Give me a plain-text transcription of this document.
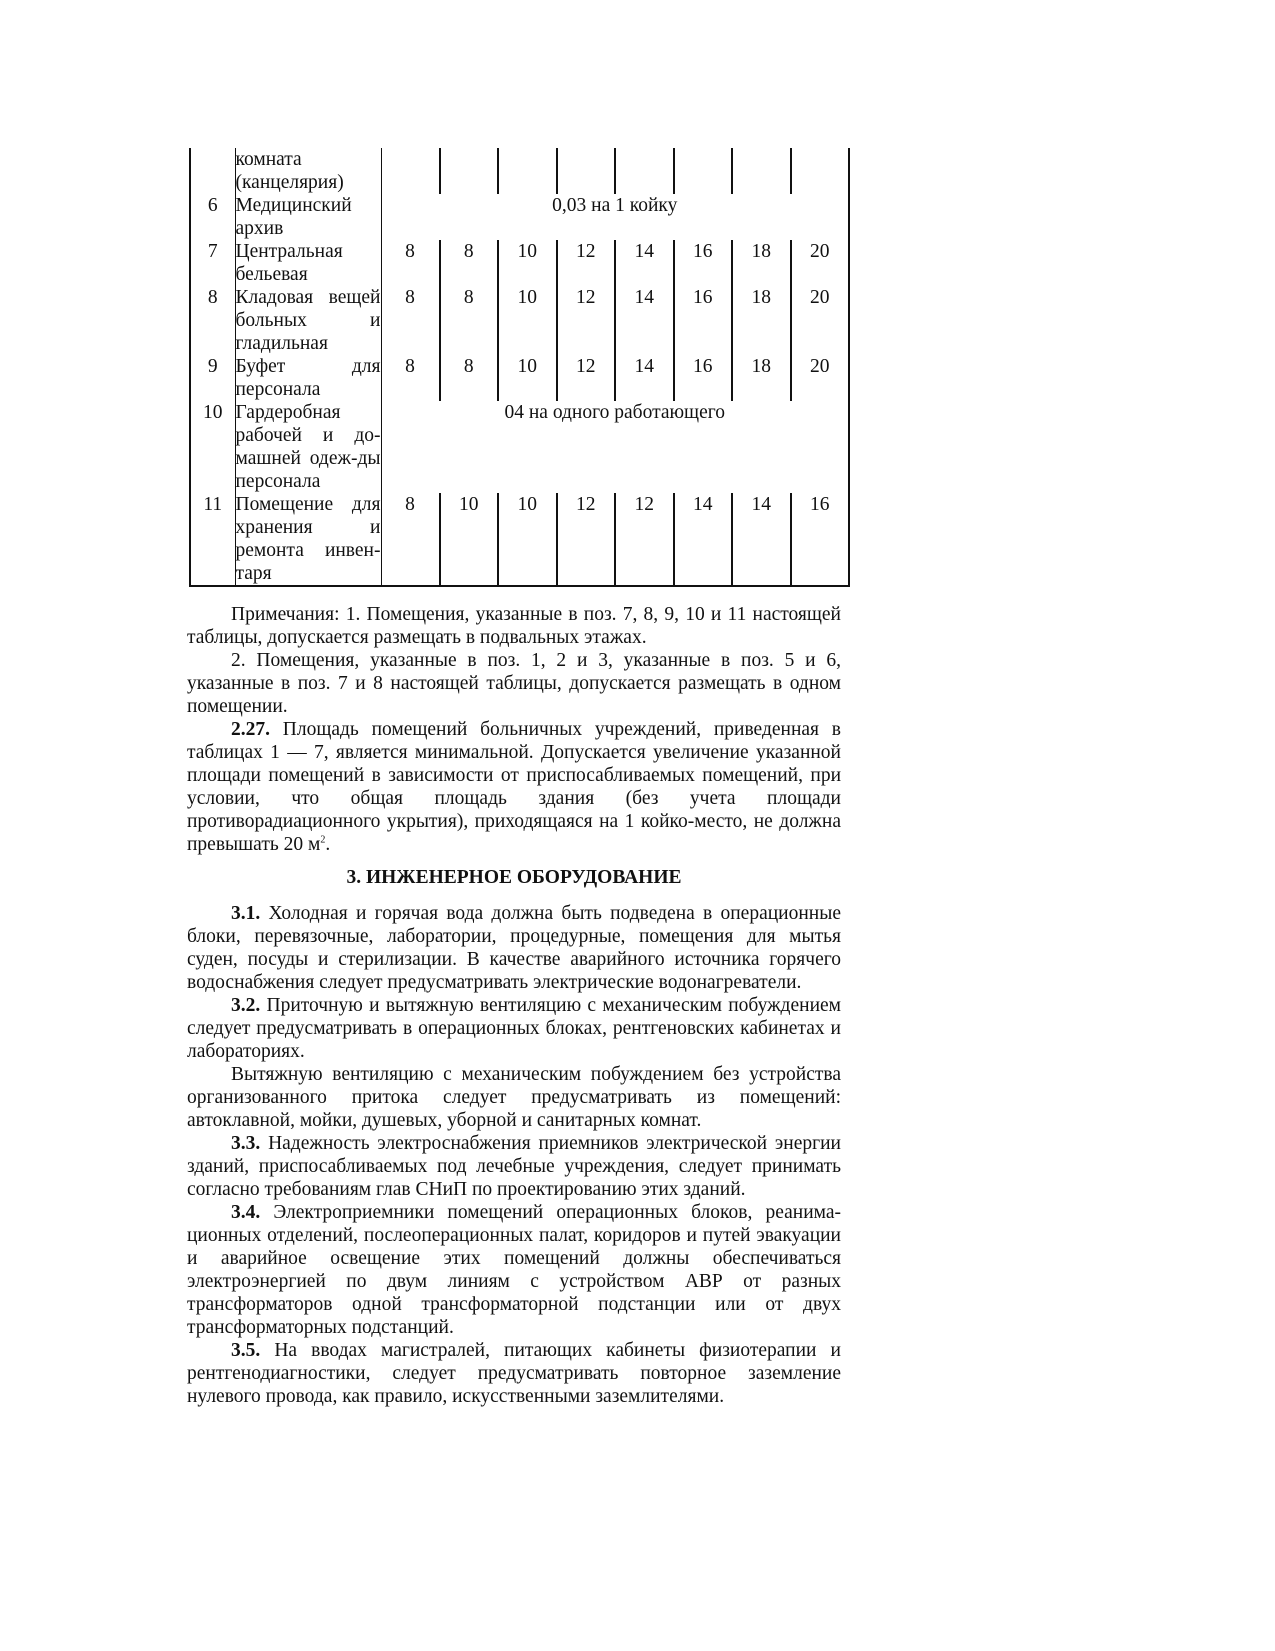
	комната (канцелярия)								
6	Медицинский архив	0,03 на 1 койку							
7	Центральная бельевая	8	8	10	12	14	16	18	20
8	Кладовая вещей больных и гладильная	8	8	10	12	14	16	18	20
9	Буфет для персонала	8	8	10	12	14	16	18	20
10	Гардеробная рабочей и до-машней одеж-ды персонала	04 на одного работающего							
11	Помещение для хранения и ремонта инвен-таря	8	10	10	12	12	14	14	16

Примечания: 1. Помещения, указанные в поз. 7, 8, 9, 10 и 11 настоящей таблицы, допускается размещать в подвальных этажах.

2. Помещения, указанные в поз. 1, 2 и 3, указанные в поз. 5 и 6, указанные в поз. 7 и 8 настоящей таблицы, допускается размещать в одном помещении.

2.27. Площадь помещений больничных учреждений, приведенная в таблицах 1 — 7, является минимальной. Допускается увеличение указанной площади помещений в зависимости от приспосабливаемых помещений, при условии, что общая площадь здания (без учета площади противорадиационного укрытия), приходящаяся на 1 койко-место, не должна превышать 20 $м^2$.

3. ИНЖЕНЕРНОЕ ОБОРУДОВАНИЕ

3.1. Холодная и горячая вода должна быть подведена в операционные блоки, перевязочные, лаборатории, процедурные, помещения для мытья суден, посуды и стерилизации. В качестве аварийного источника горячего водоснабжения следует предусматривать электрические водонагреватели.

3.2. Приточную и вытяжную вентиляцию с механическим побуждением следует предусматривать в операционных блоках, рентгеновских кабинетах и лабораториях.

Вытяжную вентиляцию с механическим побуждением без устройства организованного притока следует предусматривать из помещений: автоклавной, мойки, душевых, уборной и санитарных комнат.

3.3. Надежность электроснабжения приемников электрической энергии зданий, приспосабливаемых под лечебные учреждения, следует принимать согласно требованиям глав СНиП по проектированию этих зданий.

3.4. Электроприемники помещений операционных блоков, реанима-ционных отделений, послеоперационных палат, коридоров и путей эвакуации и аварийное освещение этих помещений должны обеспечиваться электроэнергией по двум линиям с устройством АВР от разных трансформаторов одной трансформаторной подстанции или от двух трансформаторных подстанций.

3.5. На вводах магистралей, питающих кабинеты физиотерапии и рентгенодиагностики, следует предусматривать повторное заземление нулевого провода, как правило, искусственными заземлителями.
